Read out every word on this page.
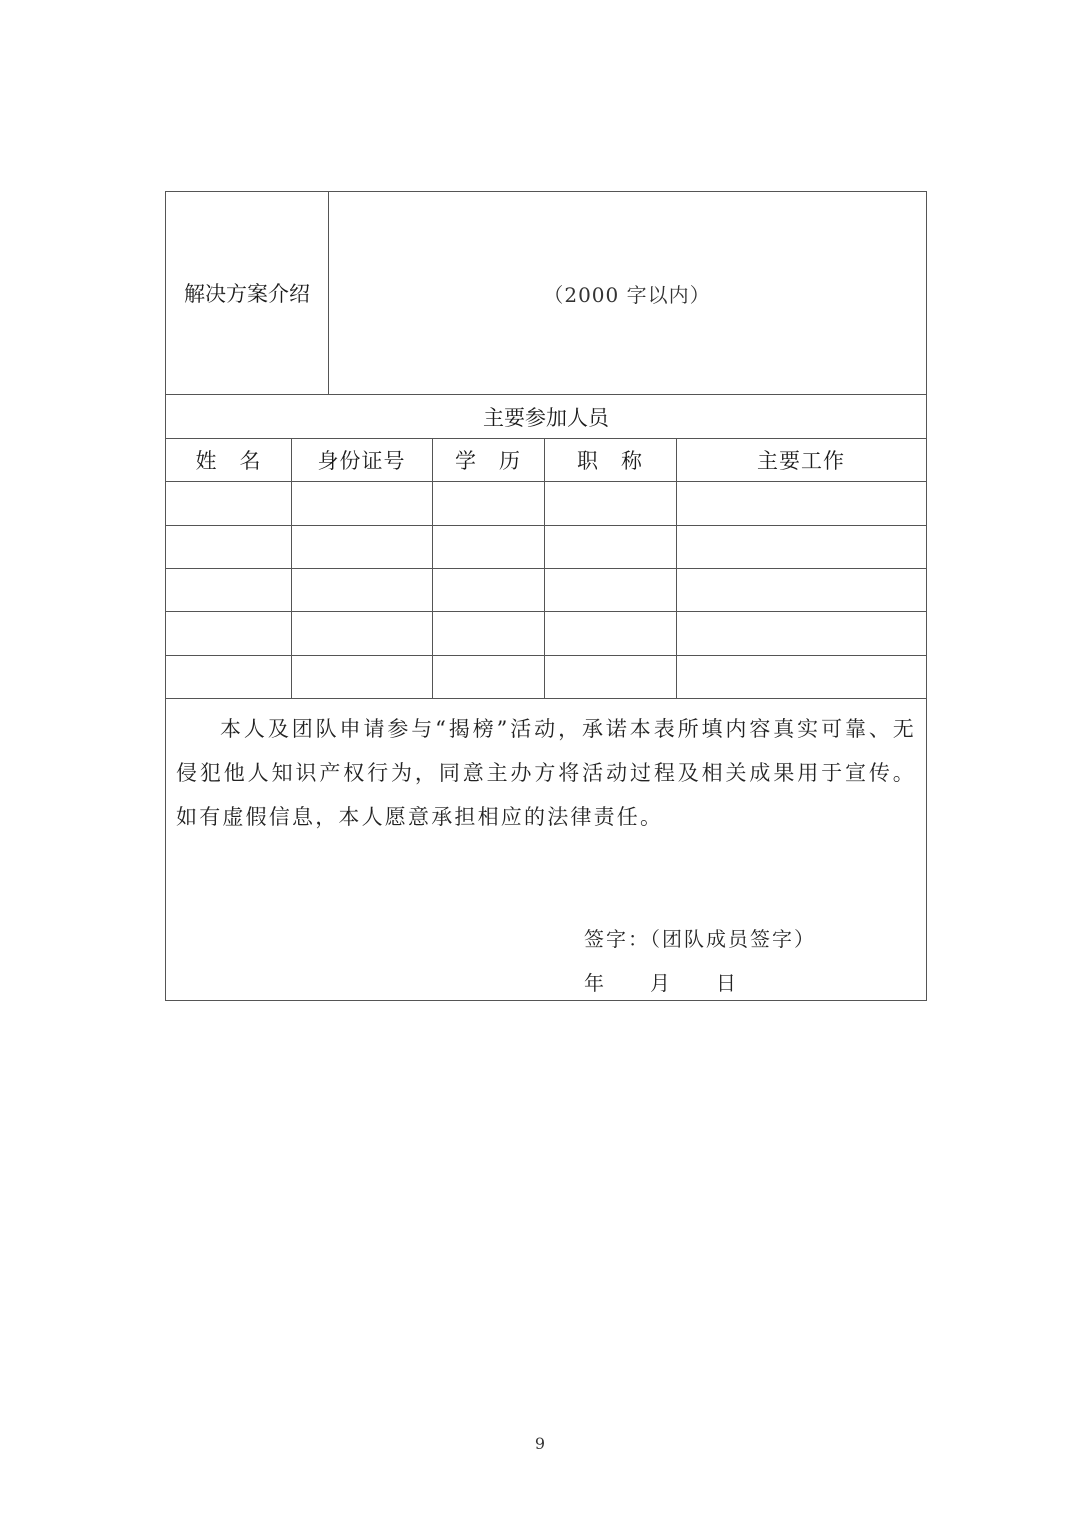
解决方案介绍	（2000 字以内）
主要参加人员
姓　名	身份证号	学　历	职　称	主要工作
本人及团队申请参与“揭榜”活动，承诺本表所填内容真实可靠、无侵犯他人知识产权行为，同意主办方将活动过程及相关成果用于宣传。如有虚假信息，本人愿意承担相应的法律责任。
签字：（团队成员签字）
年	月	日
9
